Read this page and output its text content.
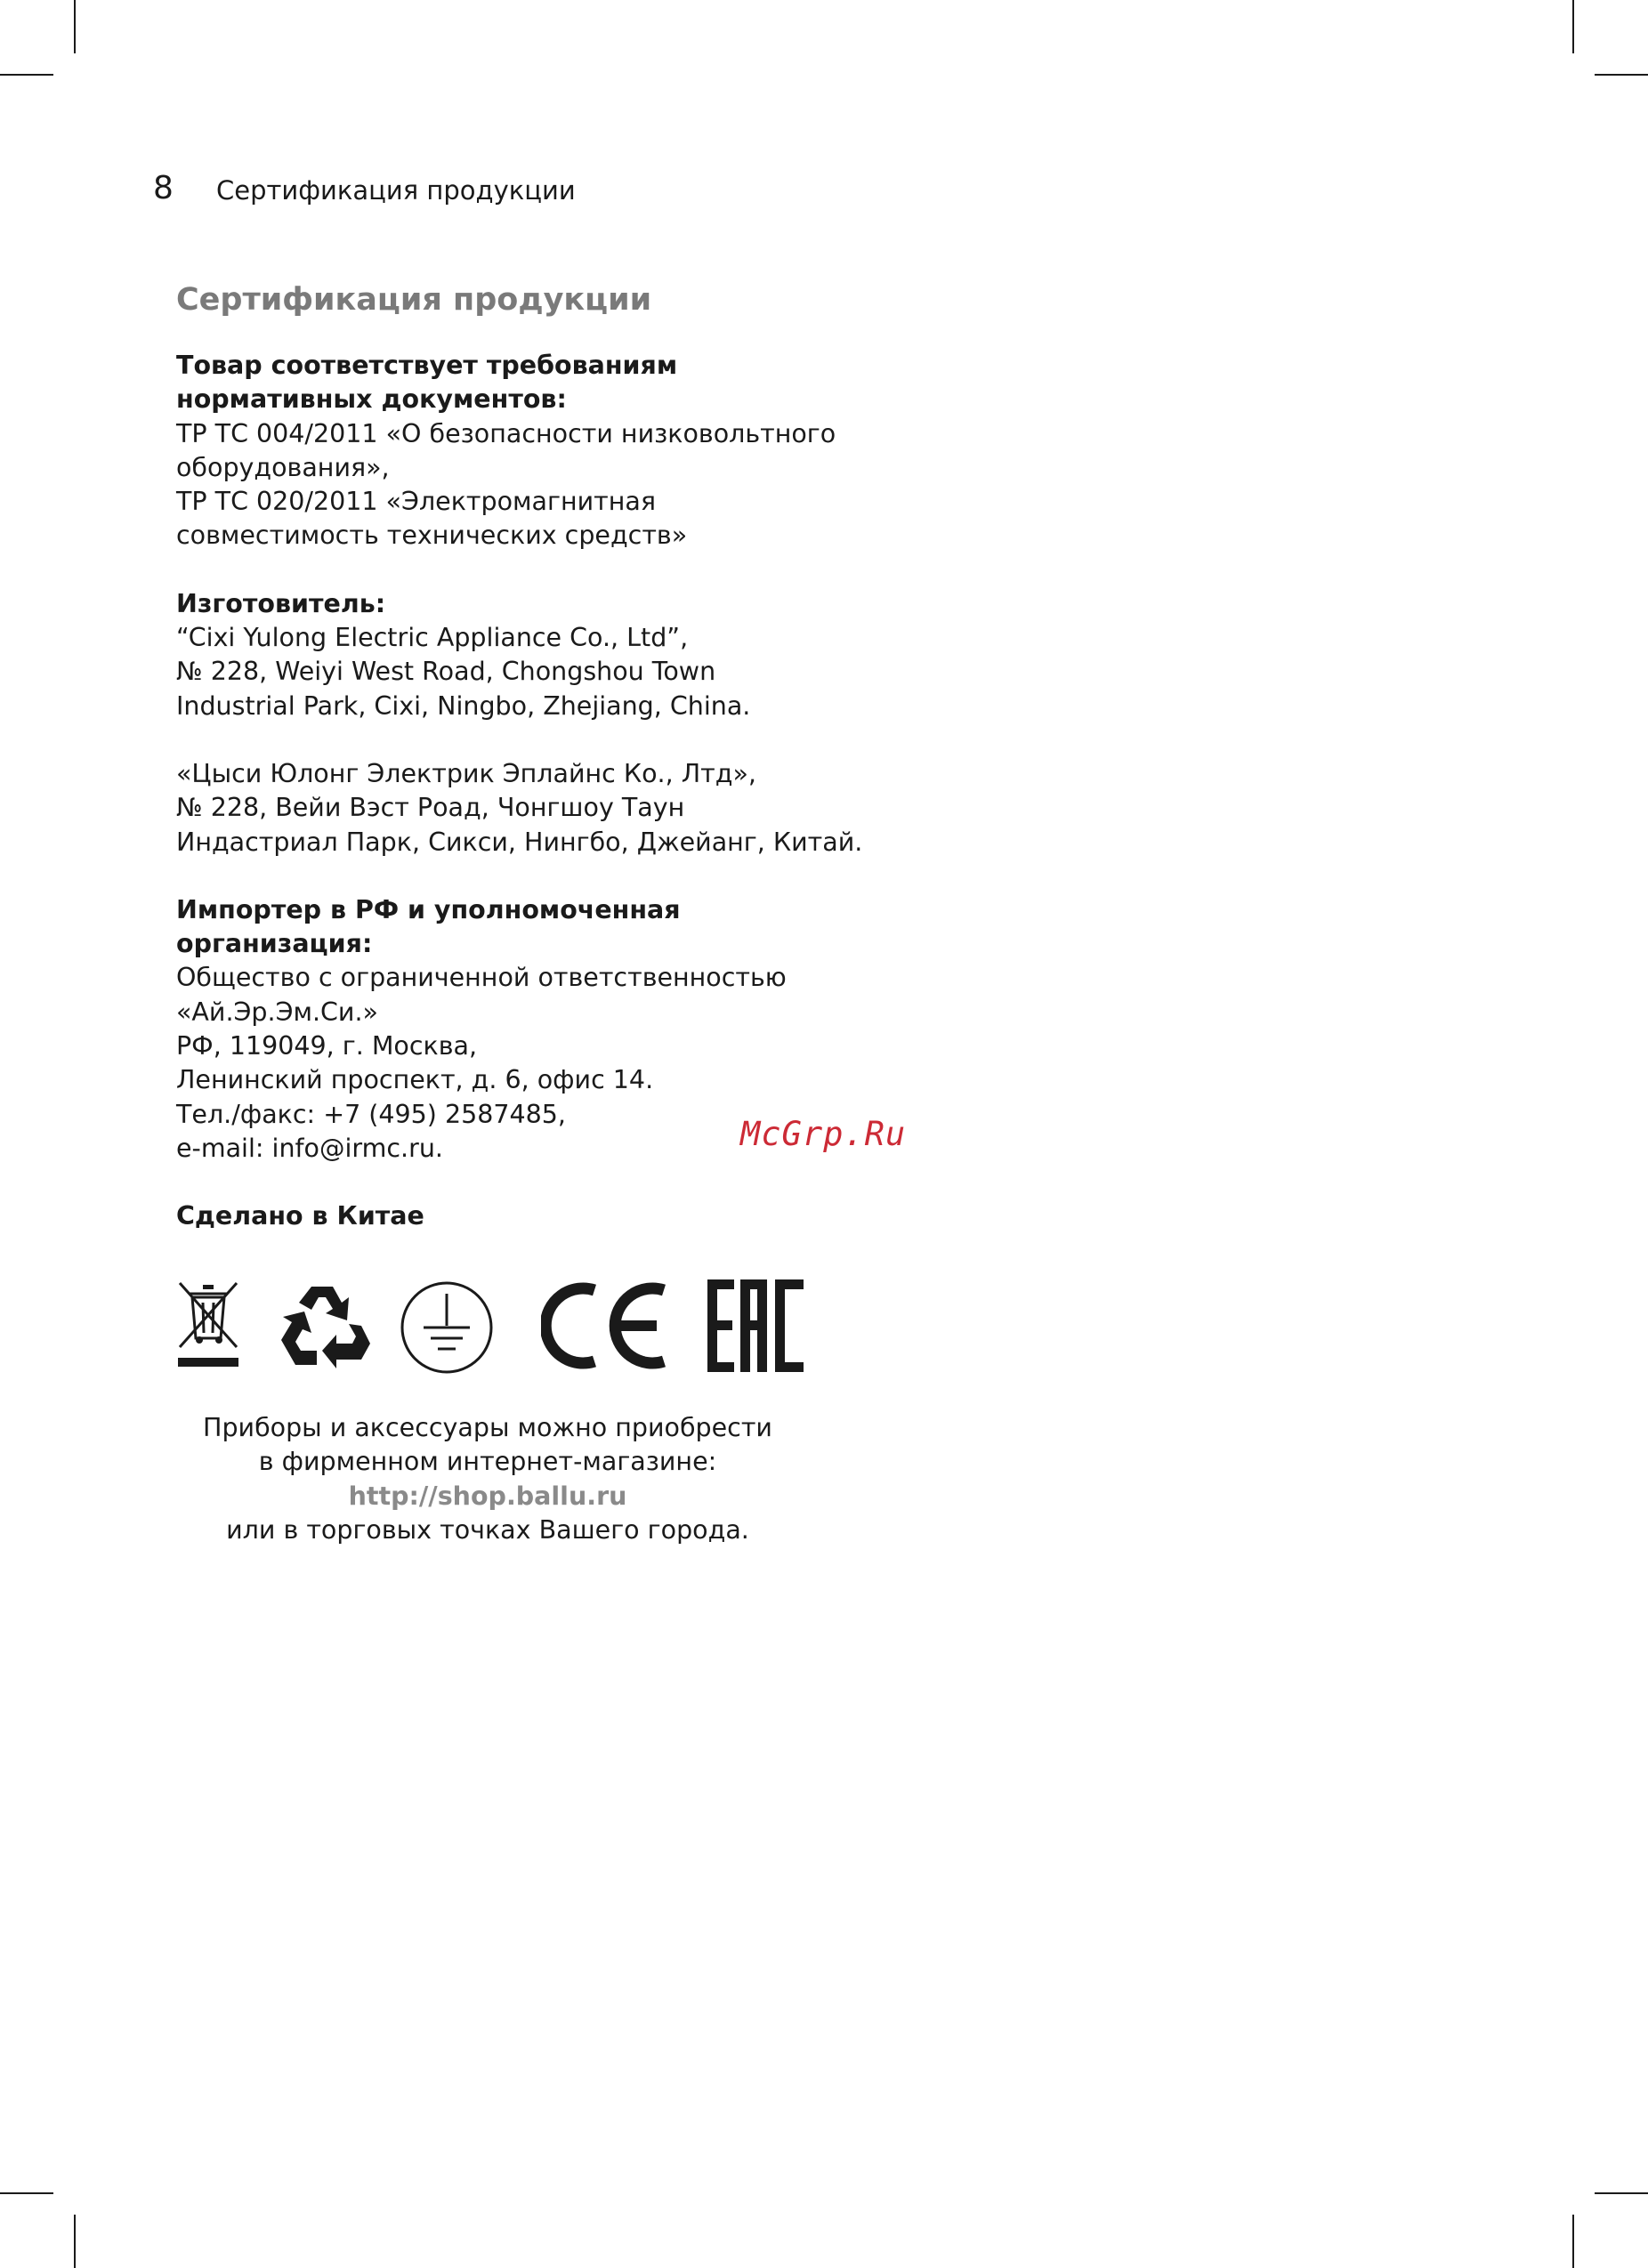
8 Сертификация продукции
Сертификация продукции
Товар соответствует требованиям
нормативных документов:
ТР ТС 004/2011 «О безопасности низковольтного
оборудования»,
ТР ТС 020/2011 «Электромагнитная
совместимость технических средств»
Изготовитель:
“Cixi Yulong Electric Appliance Co., Ltd”,
№ 228, Weiyi West Road, Chongshou Town
Industrial Park, Cixi, Ningbo, Zhejiang, China.
«Цыси Юлонг Электрик Эплайнс Ко., Лтд»,
№ 228, Вейи Вэст Роад, Чонгшоу Таун
Индастриал Парк, Сикси, Нингбо, Джейанг, Китай.
Импортер в РФ и уполномоченная
организация:
Общество с ограниченной ответственностью
«Ай.Эр.Эм.Си.»
РФ, 119049, г. Москва,
Ленинский проспект, д. 6, офис 14.
Тел./факс: +7 (495) 2587485,
e-mail: info@irmc.ru.
Сделано в Китае
McGrp.Ru
Приборы и аксессуары можно приобрести
в фирменном интернет-магазине:
http://shop.ballu.ru
или в торговых точках Вашего города.
